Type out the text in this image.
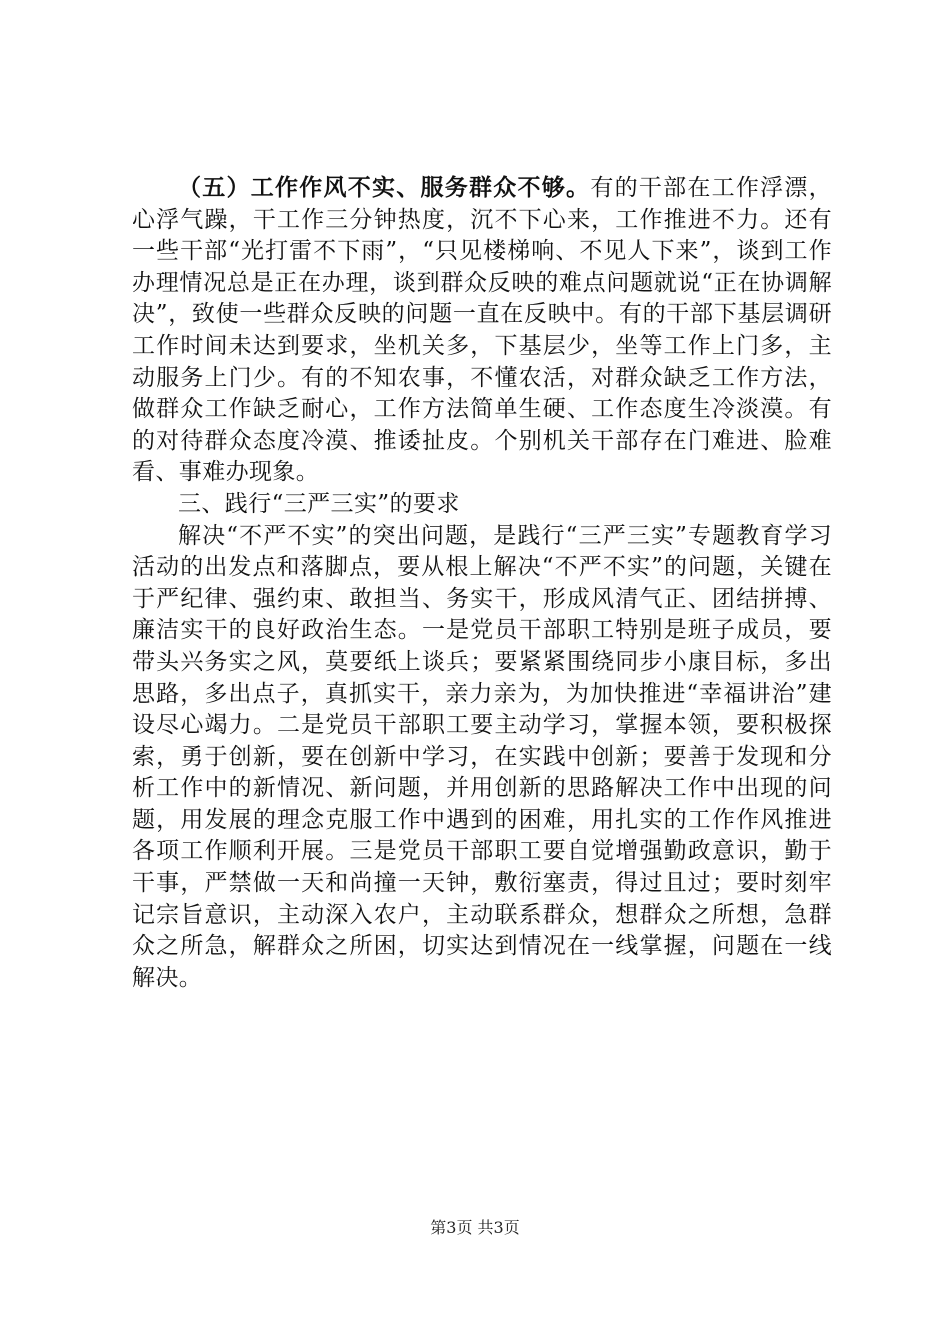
（五）工作作风不实、服务群众不够。有的干部在工作浮漂，心浮气躁，干工作三分钟热度，沉不下心来，工作推进不力。还有一些干部“光打雷不下雨”，“只见楼梯响、不见人下来”，谈到工作办理情况总是正在办理，谈到群众反映的难点问题就说“正在协调解决”，致使一些群众反映的问题一直在反映中。有的干部下基层调研工作时间未达到要求，坐机关多，下基层少，坐等工作上门多，主动服务上门少。有的不知农事，不懂农活，对群众缺乏工作方法，做群众工作缺乏耐心，工作方法简单生硬、工作态度生冷淡漠。有的对待群众态度冷漠、推诿扯皮。个别机关干部存在门难进、脸难看、事难办现象。

三、践行“三严三实”的要求

解决“不严不实”的突出问题，是践行“三严三实”专题教育学习活动的出发点和落脚点，要从根上解决“不严不实”的问题，关键在于严纪律、强约束、敢担当、务实干，形成风清气正、团结拼搏、廉洁实干的良好政治生态。一是党员干部职工特别是班子成员，要带头兴务实之风，莫要纸上谈兵；要紧紧围绕同步小康目标，多出思路，多出点子，真抓实干，亲力亲为，为加快推进“幸福讲治”建设尽心竭力。二是党员干部职工要主动学习，掌握本领，要积极探索，勇于创新，要在创新中学习，在实践中创新；要善于发现和分析工作中的新情况、新问题，并用创新的思路解决工作中出现的问题，用发展的理念克服工作中遇到的困难，用扎实的工作作风推进各项工作顺利开展。三是党员干部职工要自觉增强勤政意识，勤于干事，严禁做一天和尚撞一天钟，敷衍塞责，得过且过；要时刻牢记宗旨意识，主动深入农户，主动联系群众，想群众之所想，急群众之所急，解群众之所困，切实达到情况在一线掌握，问题在一线解决。

第3页 共3页
